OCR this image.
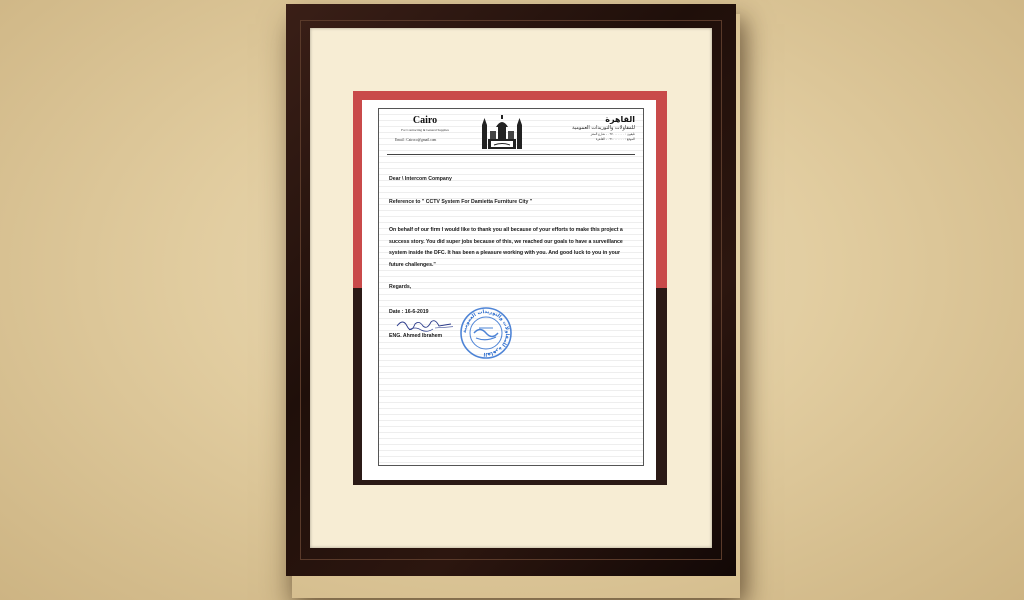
Cairo
For Contracting & General Supplies
Email : Cairoco@gmail.com
القاهرة
للمقاولات والتوريدات العمومية
تليفون : ٠٩٧٠٠٠٠٠٠٠ - شارع المعز
الموقع : ٠٩١٠٠٠٠٠٠٠ - القاهرة
Dear \ Intercom Company
Reference to " CCTV System For Damietta Furniture City "
On behalf of our firm I would like to thank you all because of your efforts to make this project a success story. You did super jobs because of this, we reached our goals to have a surveillance system inside the DFC. It has been a pleasure working with you. And good luck to you in your future challenges."
Regards,
Date : 16-6-2019
ENG. Ahmed Ibrahem
القاهرة للمقاولات والتوريدات العمومية
